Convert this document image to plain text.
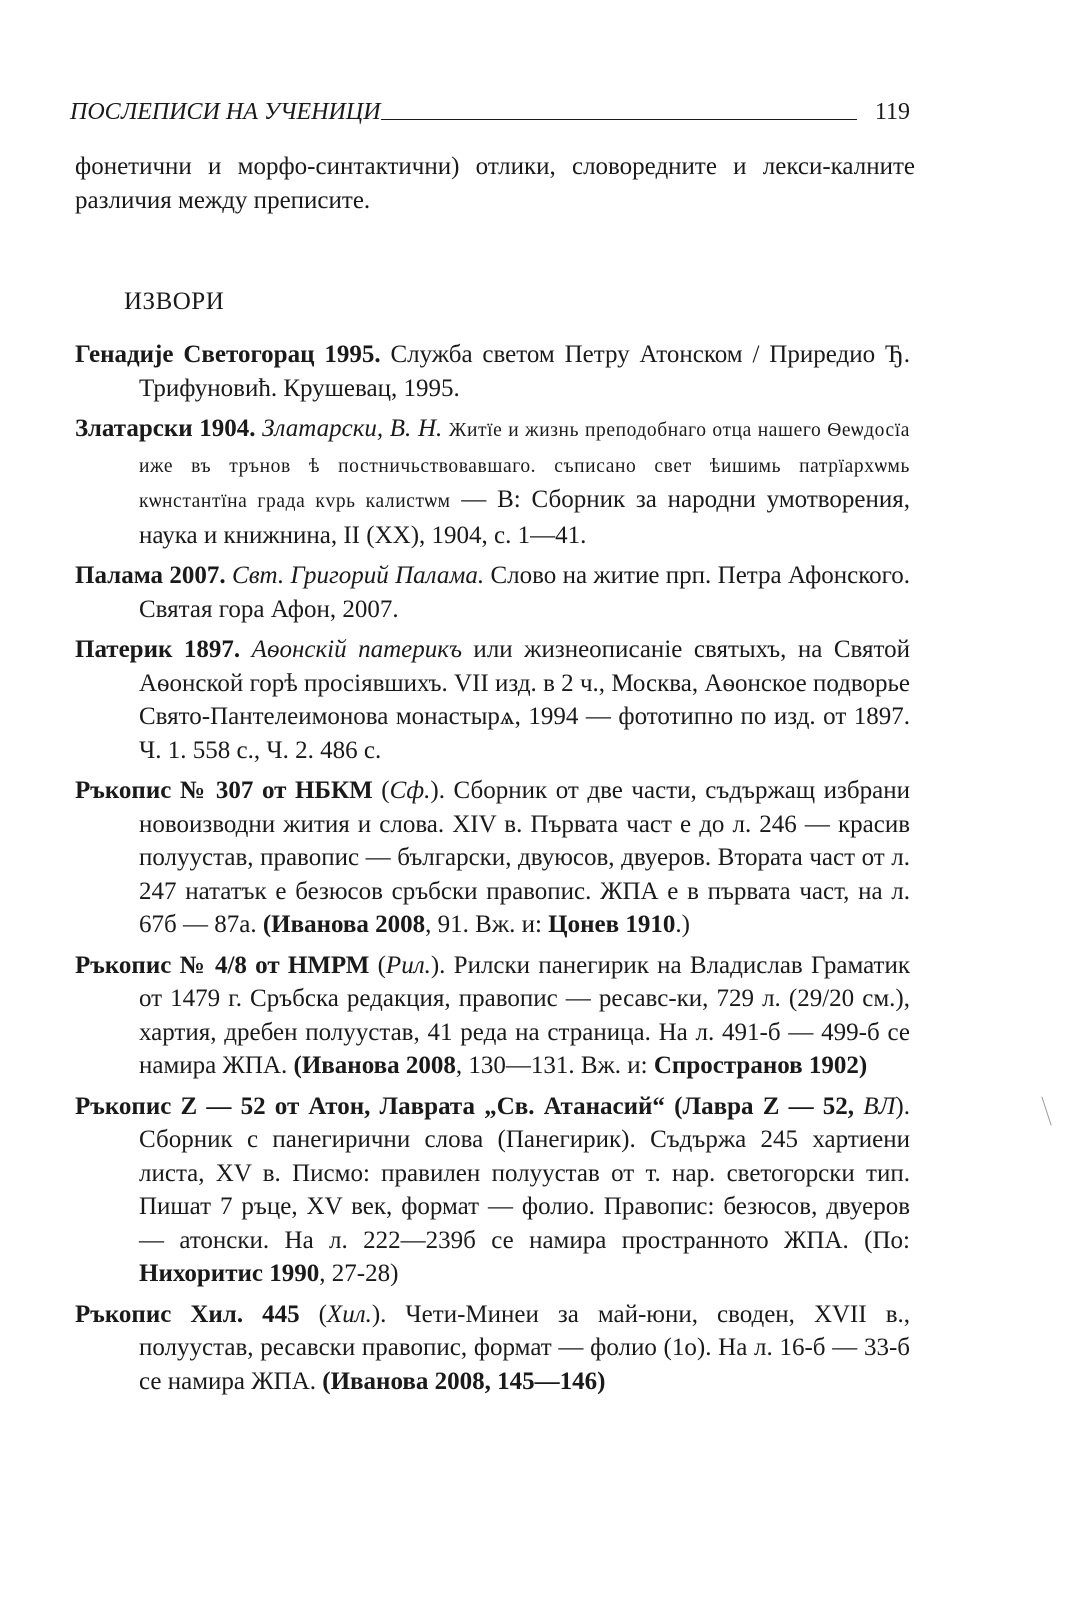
ПОСЛЕПИСИ НА УЧЕНИЦИ	119

фонетични и морфо-синтактични) отлики, словоредните и лекси-калните различия между преписите.

ИЗВОРИ

Генадије Светогорац 1995. Служба светом Петру Атонском / Приредио Ђ. Трифуновић. Крушевац, 1995.

Златарски 1904. Златарски, В. Н. Житїе и жизнь преподобнаго отца нашего Ѳеѡдосїа иже въ трънов ѣ постничьствовавшаго. съписано свет ѣишимь патрїархѡмь кѡнстантїна града кvрь калистѡм — В: Сборник за народни умотворения, наука и книжнина, II (XX), 1904, с. 1—41.

Палама 2007. Свт. Григорий Палама. Слово на житие прп. Петра Афонского. Святая гора Афон, 2007.

Патерик 1897. Аѳонскій патерикъ или жизнеописаніе святыхъ, на Святой Аѳонской горѣ просіявшихъ. VII изд. в 2 ч., Москва, Аѳонское подворье Свято-Пантелеимонова монастырѧ, 1994 — фототипно по изд. от 1897. Ч. 1. 558 с., Ч. 2. 486 с.

Ръкопис № 307 от НБКМ (Сф.). Сборник от две части, съдържащ избрани новоизводни жития и слова. XIV в. Първата част е до л. 246 — красив полуустав, правопис — български, двуюсов, двуеров. Втората част от л. 247 нататък е безюсов сръбски правопис. ЖПА е в първата част, на л. 67б — 87а. (Иванова 2008, 91. Вж. и: Цонев 1910.)

Ръкопис № 4/8 от НМРМ (Рил.). Рилски панегирик на Владислав Граматик от 1479 г. Сръбска редакция, правопис — ресавс-ки, 729 л. (29/20 см.), хартия, дребен полуустав, 41 реда на страница. На л. 491-б — 499-б се намира ЖПА. (Иванова 2008, 130—131. Вж. и: Спространов 1902)

Ръкопис Z — 52 от Атон, Лаврата „Св. Атанасий“ (Лавра Z — 52, ВЛ). Сборник с панегирични слова (Панегирик). Съдържа 245 хартиени листа, XV в. Писмо: правилен полуустав от т. нар. светогорски тип. Пишат 7 ръце, XV век, формат — фолио. Правопис: безюсов, двуеров — атонски. На л. 222—239б се намира пространното ЖПА. (По: Нихоритис 1990, 27-28)

Ръкопис Хил. 445 (Хил.). Чети-Минеи за май-юни, своден, XVII в., полуустав, ресавски правопис, формат — фолио (1о). На л. 16-б — 33-б се намира ЖПА. (Иванова 2008, 145—146)
